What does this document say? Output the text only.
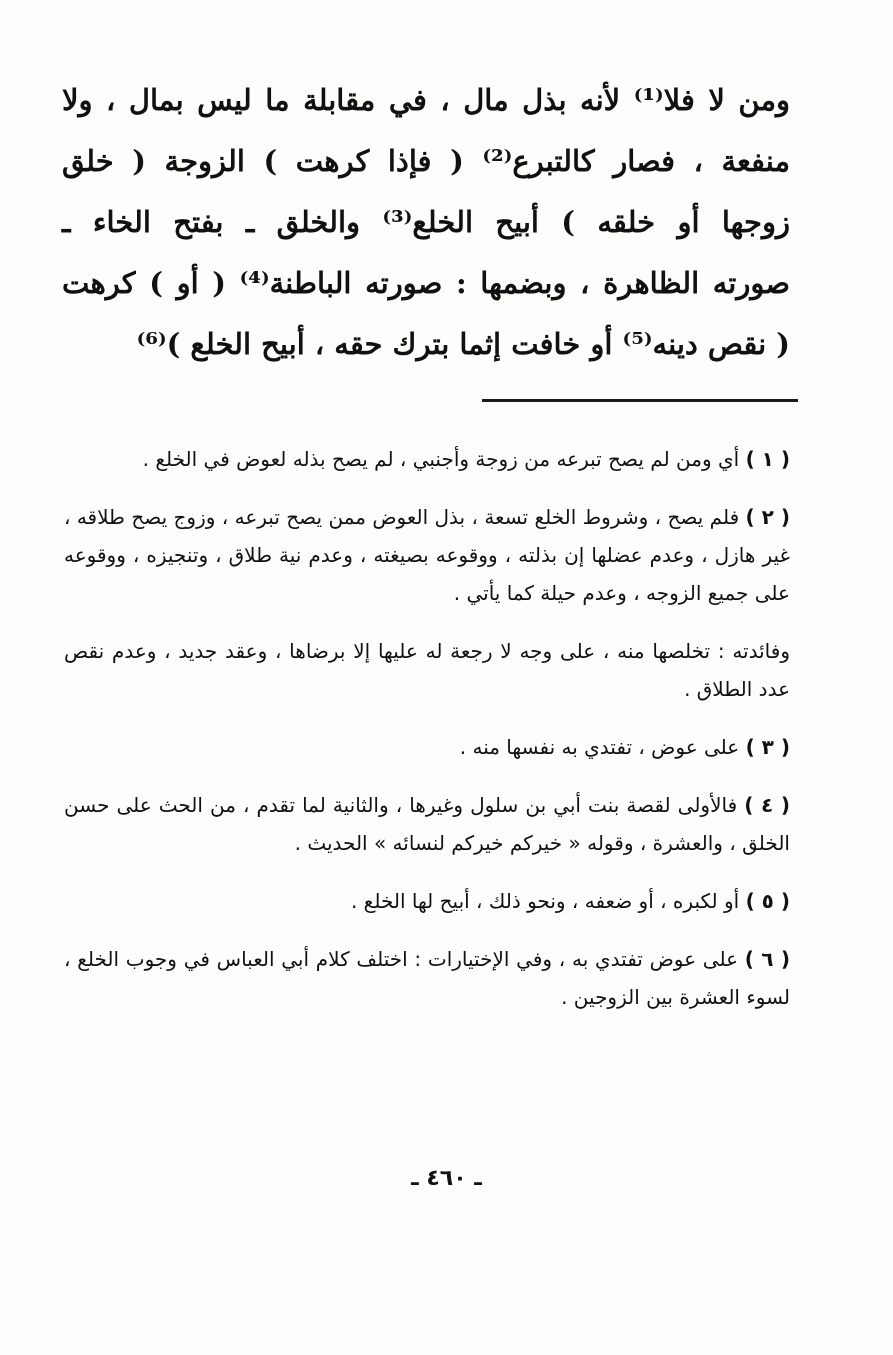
ومن لا فلا⁽¹⁾ لأنه بذل مال ، في مقابلة ما ليس بمال ، ولا
منفعة ، فصار كالتبرع⁽²⁾ ( فإذا كرهت ) الزوجة ( خلق
زوجها أو خلقه ) أبيح الخلع⁽³⁾ والخلق ـ بفتح الخاء ـ
صورته الظاهرة ، وبضمها : صورته الباطنة⁽⁴⁾ ( أو ) كرهت
( نقص دينه⁽⁵⁾ أو خافت إثما بترك حقه ، أبيح الخلع )⁽⁶⁾

( ١ ) أي ومن لم يصح تبرعه من زوجة وأجنبي ، لم يصح بذله لعوض في الخلع .

( ٢ ) فلم يصح ، وشروط الخلع تسعة ، بذل العوض ممن يصح تبرعه ، وزوج يصح طلاقه ، غير هازل ، وعدم عضلها إن بذلته ، ووقوعه بصيغته ، وعدم نية طلاق ، وتنجيزه ، ووقوعه على جميع الزوجه ، وعدم حيلة كما يأتي .

وفائدته : تخلصها منه ، على وجه لا رجعة له عليها إلا برضاها ، وعقد جديد ، وعدم نقص عدد الطلاق .

( ٣ ) على عوض ، تفتدي به نفسها منه .

( ٤ ) فالأولى لقصة بنت أبي بن سلول وغيرها ، والثانية لما تقدم ، من الحث على حسن الخلق ، والعشرة ، وقوله « خيركم خيركم لنسائه » الحديث .

( ٥ ) أو لكبره ، أو ضعفه ، ونحو ذلك ، أبيح لها الخلع .

( ٦ ) على عوض تفتدي به ، وفي الإختيارات : اختلف كلام أبي العباس في وجوب الخلع ، لسوء العشرة بين الزوجين .

ـ ٤٦٠ ـ
